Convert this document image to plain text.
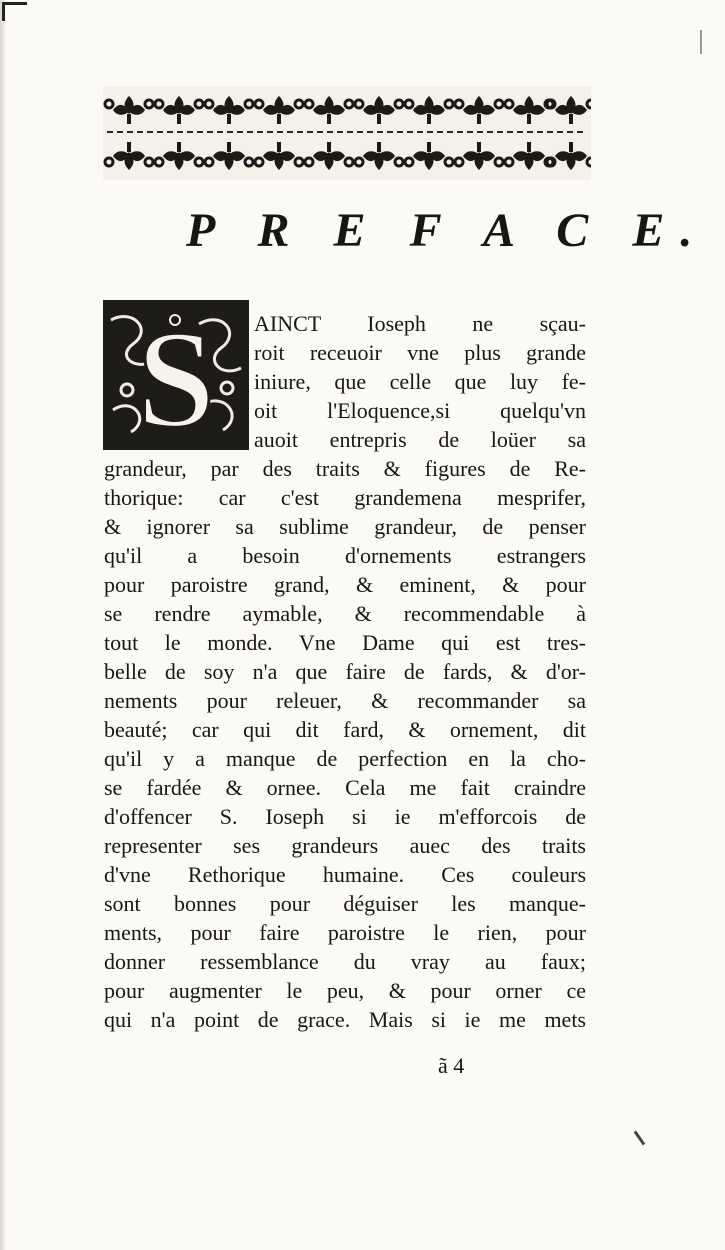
P R E F A C E.
S AINCT Ioseph ne sçau-
roit receuoir vne plus grande
iniure, que celle que luy fe-
oit l'Eloquence,si quelqu'vn
auoit entrepris de loüer sa
grandeur, par des traits & figures de Re-
thorique: car c'est grandemena mesprifer,
& ignorer sa sublime grandeur, de penser
qu'il a besoin d'ornements estrangers
pour paroistre grand, & eminent, & pour
se rendre aymable, & recommendable à
tout le monde. Vne Dame qui est tres-
belle de soy n'a que faire de fards, & d'or-
nements pour releuer, & recommander sa
beauté; car qui dit fard, & ornement, dit
qu'il y a manque de perfection en la cho-
se fardée & ornee. Cela me fait craindre
d'offencer S. Ioseph si ie m'efforcois de
representer ses grandeurs auec des traits
d'vne Rethorique humaine. Ces couleurs
sont bonnes pour déguiser les manque-
ments, pour faire paroistre le rien, pour
donner ressemblance du vray au faux;
pour augmenter le peu, & pour orner ce
qui n'a point de grace. Mais si ie me mets
ã 4
